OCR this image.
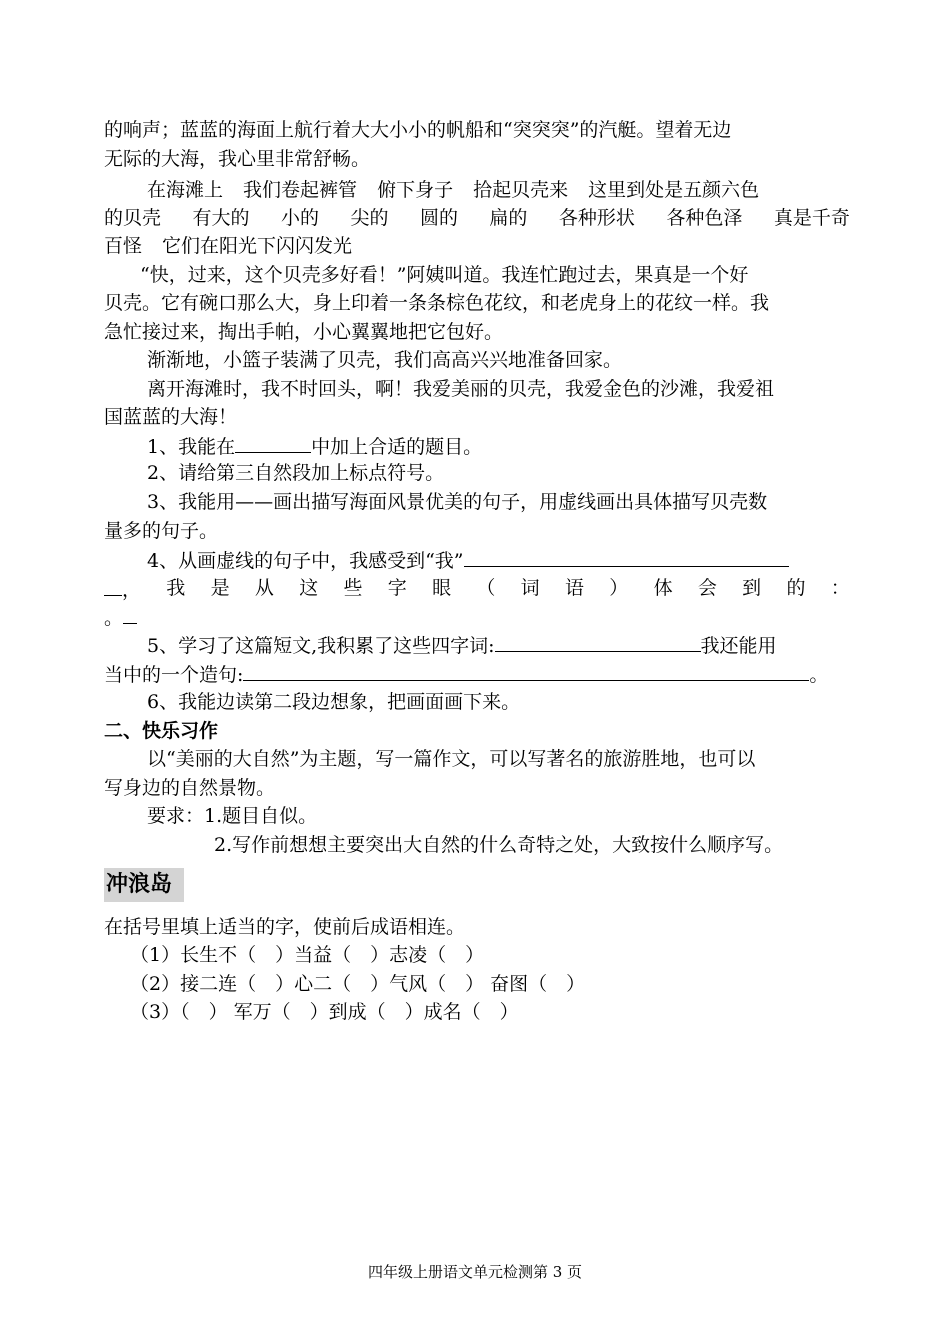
的响声；蓝蓝的海面上航行着大大小小的帆船和“突突突”的汽艇。望着无边
无际的大海，我心里非常舒畅。
在海滩上 我们卷起裤管 俯下身子 拾起贝壳来 这里到处是五颜六色
的贝壳 有大的 小的 尖的 圆的 扁的 各种形状 各种色泽 真是千奇
百怪 它们在阳光下闪闪发光
“快，过来，这个贝壳多好看！”阿姨叫道。我连忙跑过去，果真是一个好
贝壳。它有碗口那么大，身上印着一条条棕色花纹，和老虎身上的花纹一样。我
急忙接过来，掏出手帕，小心翼翼地把它包好。
渐渐地，小篮子装满了贝壳，我们高高兴兴地准备回家。
离开海滩时，我不时回头，啊！我爱美丽的贝壳，我爱金色的沙滩，我爱祖
国蓝蓝的大海！
1、我能在	中加上合适的题目。
2、请给第三自然段加上标点符号。
3、我能用——画出描写海面风景优美的句子，用虚线画出具体描写贝壳数
量多的句子。
4、从画虚线的句子中，我感受到“我”
， 我 是 从 这 些 字 眼 （ 词 语 ） 体 会 到 的 ：
。
5、学习了这篇短文,我积累了这些四字词:	我还能用
当中的一个造句:	。
6、我能边读第二段边想象，把画面画下来。
二、快乐习作
以“美丽的大自然”为主题，写一篇作文，可以写著名的旅游胜地，也可以
写身边的自然景物。
要求：1.题目自似。
2.写作前想想主要突出大自然的什么奇特之处，大致按什么顺序写。
冲浪岛
在括号里填上适当的字，使前后成语相连。
（1）长生不（　）当益（　）志凌（　）
（2）接二连（　）心二（　）气风（　） 奋图（　）
（3）（　） 军万（　）到成（　）成名（　）
四年级上册语文单元检测第 3 页
